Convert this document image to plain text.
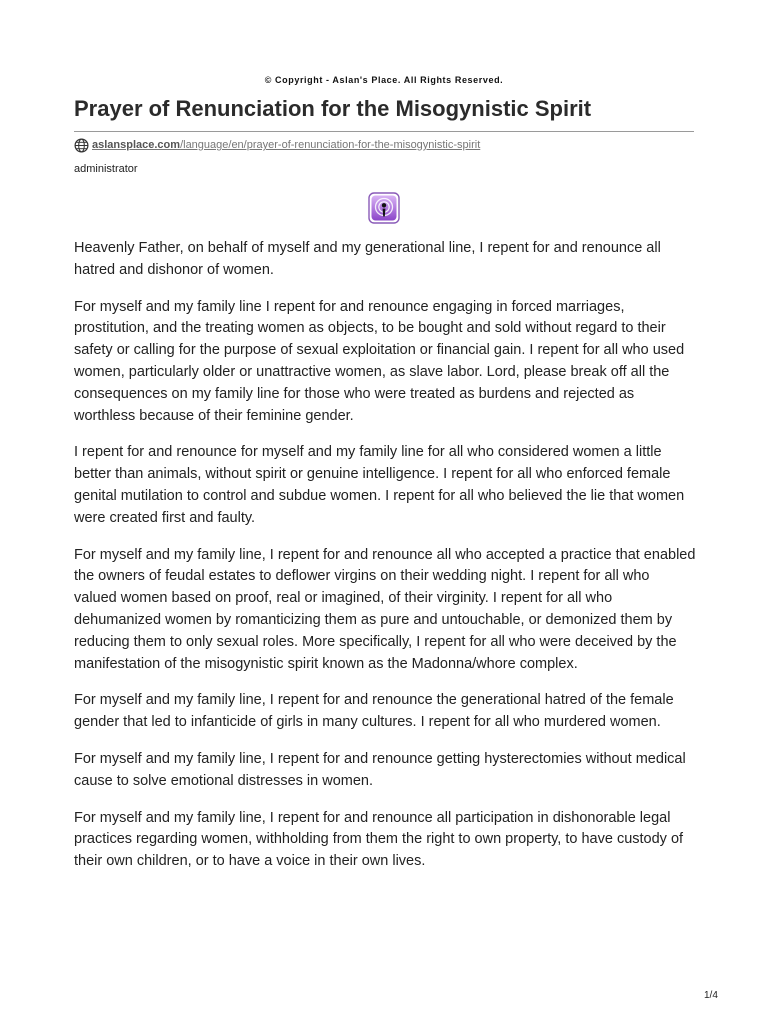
© Copyright - Aslan's Place. All Rights Reserved.
Prayer of Renunciation for the Misogynistic Spirit
aslansplace.com/language/en/prayer-of-renunciation-for-the-misogynistic-spirit
administrator

Heavenly Father, on behalf of myself and my generational line, I repent for and renounce all hatred and dishonor of women.

For myself and my family line I repent for and renounce engaging in forced marriages, prostitution, and the treating women as objects, to be bought and sold without regard to their safety or calling for the purpose of sexual exploitation or financial gain. I repent for all who used women, particularly older or unattractive women, as slave labor. Lord, please break off all the consequences on my family line for those who were treated as burdens and rejected as worthless because of their feminine gender.

I repent for and renounce for myself and my family line for all who considered women a little better than animals, without spirit or genuine intelligence. I repent for all who enforced female genital mutilation to control and subdue women. I repent for all who believed the lie that women were created first and faulty.

For myself and my family line, I repent for and renounce all who accepted a practice that enabled the owners of feudal estates to deflower virgins on their wedding night. I repent for all who valued women based on proof, real or imagined, of their virginity. I repent for all who dehumanized women by romanticizing them as pure and untouchable, or demonized them by reducing them to only sexual roles. More specifically, I repent for all who were deceived by the manifestation of the misogynistic spirit known as the Madonna/whore complex.

For myself and my family line, I repent for and renounce the generational hatred of the female gender that led to infanticide of girls in many cultures. I repent for all who murdered women.

For myself and my family line, I repent for and renounce getting hysterectomies without medical cause to solve emotional distresses in women.

For myself and my family line, I repent for and renounce all participation in dishonorable legal practices regarding women, withholding from them the right to own property, to have custody of their own children, or to have a voice in their own lives.

1/4
